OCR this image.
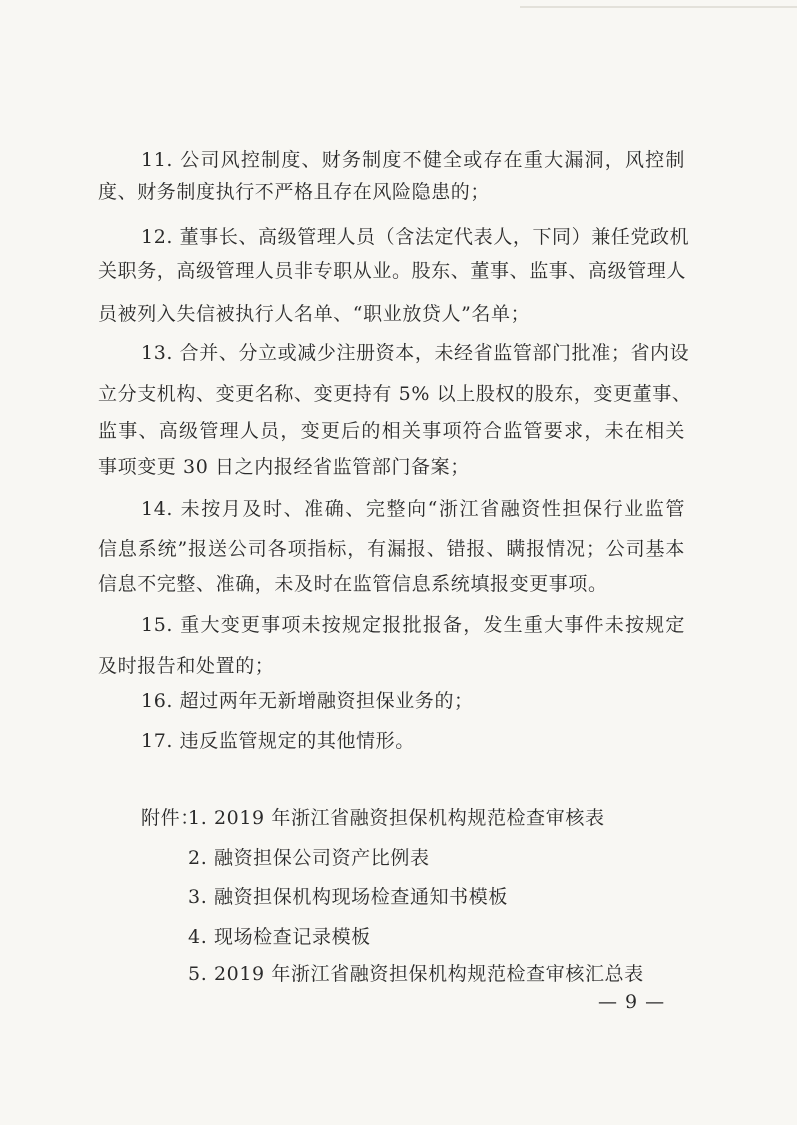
11. 公司风控制度、财务制度不健全或存在重大漏洞，风控制
度、财务制度执行不严格且存在风险隐患的；
12. 董事长、高级管理人员（含法定代表人，下同）兼任党政机
关职务，高级管理人员非专职从业。股东、董事、监事、高级管理人
员被列入失信被执行人名单、“职业放贷人”名单；
13. 合并、分立或减少注册资本，未经省监管部门批准；省内设
立分支机构、变更名称、变更持有 5% 以上股权的股东，变更董事、
监事、高级管理人员，变更后的相关事项符合监管要求，未在相关
事项变更 30 日之内报经省监管部门备案；
14. 未按月及时、准确、完整向“浙江省融资性担保行业监管
信息系统”报送公司各项指标，有漏报、错报、瞒报情况；公司基本
信息不完整、准确，未及时在监管信息系统填报变更事项。
15. 重大变更事项未按规定报批报备，发生重大事件未按规定
及时报告和处置的；
16. 超过两年无新增融资担保业务的；
17. 违反监管规定的其他情形。
附件：
1. 2019 年浙江省融资担保机构规范检查审核表
2. 融资担保公司资产比例表
3. 融资担保机构现场检查通知书模板
4. 现场检查记录模板
5. 2019 年浙江省融资担保机构规范检查审核汇总表
— 9 —
